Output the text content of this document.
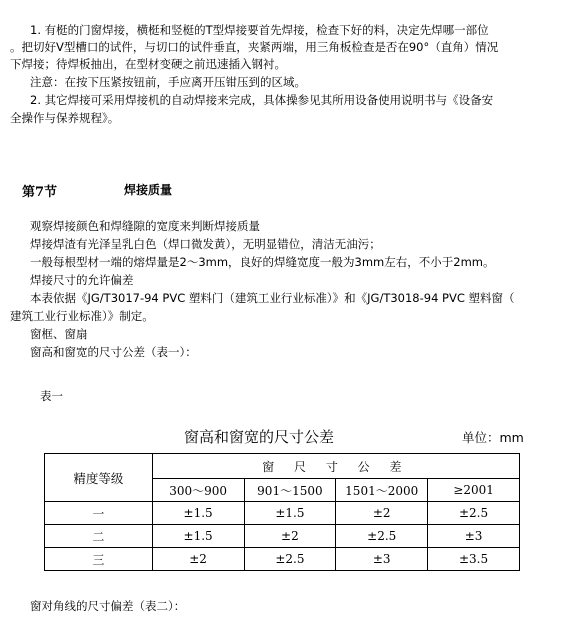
1. 有梃的门窗焊接，横梃和竖梃的T型焊接要首先焊接，检查下好的料，决定先焊哪一部位
。把切好V型槽口的试件，与切口的试件垂直，夹紧两端，用三角板检查是否在90°（直角）情况
下焊接；待焊板抽出，在型材变硬之前迅速插入钢衬。
注意：在按下压紧按钮前，手应离开压钳压到的区域。
2. 其它焊接可采用焊接机的自动焊接来完成，具体操参见其所用设备使用说明书与《设备安
全操作与保养规程》。
第7节	焊接质量
观察焊接颜色和焊缝隙的宽度来判断焊接质量
焊接焊渣有光泽呈乳白色（焊口微发黄），无明显错位，清洁无油污；
一般每根型材一端的熔焊量是2～3mm，良好的焊缝宽度一般为3mm左右，不小于2mm。
焊接尺寸的允许偏差
本表依据《JG/T3017-94 PVC 塑料门（建筑工业行业标准）》和《JG/T3018-94 PVC 塑料窗（
建筑工业行业标准）》制定。
窗框、窗扇
窗高和窗宽的尺寸公差（表一）：
表一
窗高和窗宽的尺寸公差	单位：mm
精度等级	窗 尺 寸 公 差			
	300～900	901～1500	1501～2000	≥2001
一	±1.5	±1.5	±2	±2.5
二	±1.5	±2	±2.5	±3
三	±2	±2.5	±3	±3.5
窗对角线的尺寸偏差（表二）：
